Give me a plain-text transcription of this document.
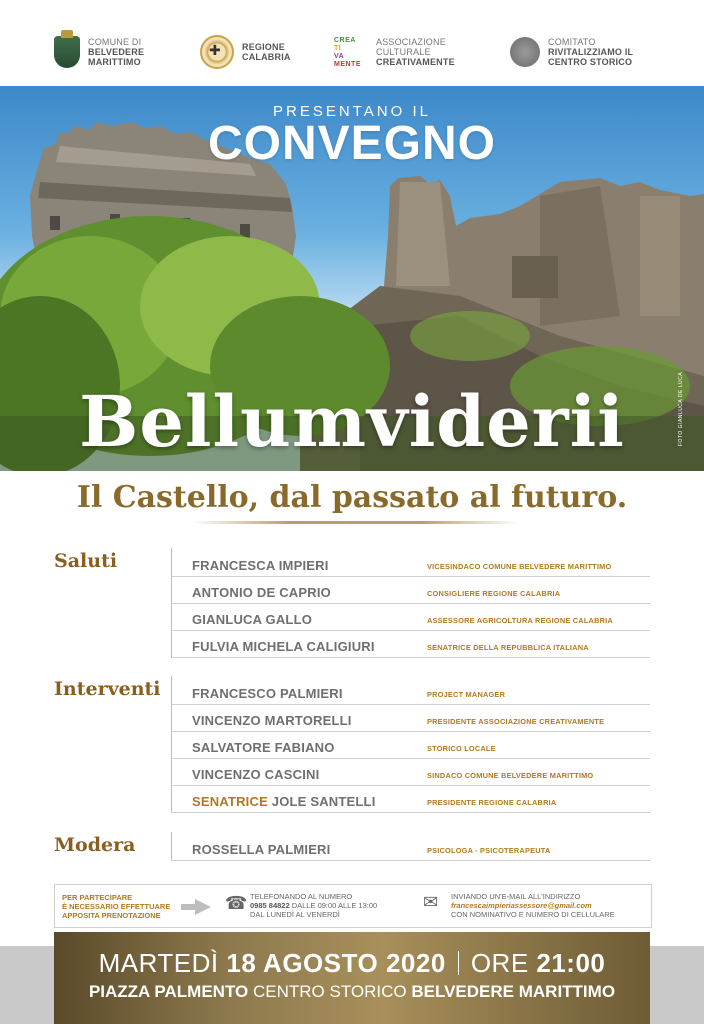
COMUNE DI
BELVEDERE
MARITTIMO
✚
REGIONE
CALABRIA
CREA
TI
VA
MENTE
ASSOCIAZIONE
CULTURALE
CREATIVAMENTE
COMITATO
RIVITALIZZIAMO IL
CENTRO STORICO
FOTO GIANLUCA DE LUCA
PRESENTANO IL
CONVEGNO
Bellumviderii
Il Castello, dal passato al futuro.
Saluti	FRANCESCA IMPIERI	VICESINDACO COMUNE BELVEDERE MARITTIMO
ANTONIO DE CAPRIO	CONSIGLIERE REGIONE CALABRIA
GIANLUCA GALLO	ASSESSORE AGRICOLTURA REGIONE CALABRIA
FULVIA MICHELA CALIGIURI	SENATRICE DELLA REPUBBLICA ITALIANA
Interventi FRANCESCO PALMIERI	PROJECT MANAGER
VINCENZO MARTORELLI	PRESIDENTE ASSOCIAZIONE CREATIVAMENTE
SALVATORE FABIANO	STORICO LOCALE
VINCENZO CASCINI	SINDACO COMUNE BELVEDERE MARITTIMO
SENATRICE JOLE SANTELLI	PRESIDENTE REGIONE CALABRIA
Modera	ROSSELLA PALMIERI	PSICOLOGA - PSICOTERAPEUTA
PER PARTECIPARE
È NECESSARIO EFFETTUARE
APPOSITA PRENOTAZIONE
☎ TELEFONANDO AL NUMERO
0985 84822 DALLE 09:00 ALLE 13:00
DAL LUNEDÌ AL VENERDÌ
✉ INVIANDO UN'E-MAIL ALL'INDIRIZZO
francescaimpieriassessore@gmail.com
CON NOMINATIVO E NUMERO DI CELLULARE
MARTEDÌ 18 AGOSTO 2020 ORE 21:00
PIAZZA PALMENTO CENTRO STORICO BELVEDERE MARITTIMO
